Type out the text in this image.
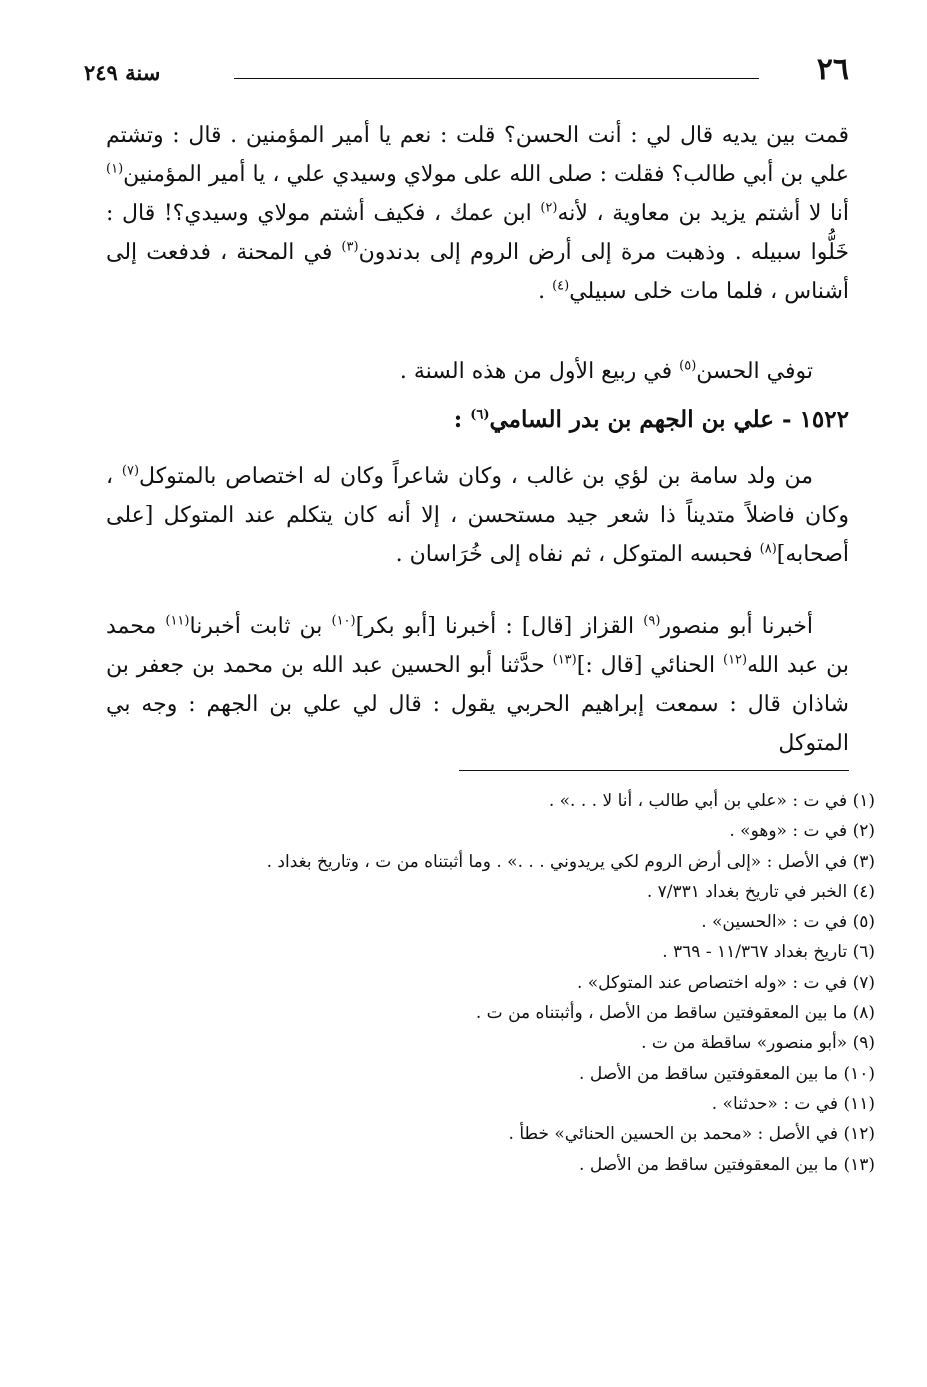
٢٦
سنة ٢٤٩

قمت بين يديه قال لي : أنت الحسن؟ قلت : نعم يا أمير المؤمنين . قال : وتشتم علي بن أبي طالب؟ فقلت : صلى الله على مولاي وسيدي علي ، يا أمير المؤمنين$^{(١)}$ أنا لا أشتم يزيد بن معاوية ، لأنه$^{(٢)}$ ابن عمك ، فكيف أشتم مولاي وسيدي؟! قال : خَلُّوا سبيله . وذهبت مرة إلى أرض الروم إلى بدندون$^{(٣)}$ في المحنة ، فدفعت إلى أشناس ، فلما مات خلى سبيلي$^{(٤)}$ .

توفي الحسن$^{(٥)}$ في ربيع الأول من هذه السنة .

١٥٢٢ - علي بن الجهم بن بدر السامي$^{(٦)}$ :

من ولد سامة بن لؤي بن غالب ، وكان شاعراً وكان له اختصاص بالمتوكل$^{(٧)}$ ، وكان فاضلاً متديناً ذا شعر جيد مستحسن ، إلا أنه كان يتكلم عند المتوكل [على أصحابه]$^{(٨)}$ فحبسه المتوكل ، ثم نفاه إلى خُرَاسان .

أخبرنا أبو منصور$^{(٩)}$ القزاز [قال] : أخبرنا [أبو بكر]$^{(١٠)}$ بن ثابت أخبرنا$^{(١١)}$ محمد بن عبد الله$^{(١٢)}$ الحنائي [قال :]$^{(١٣)}$ حدَّثنا أبو الحسين عبد الله بن محمد بن جعفر بن شاذان قال : سمعت إبراهيم الحربي يقول : قال لي علي بن الجهم : وجه بي المتوكل

(١) في ت : «علي بن أبي طالب ، أنا لا . . .» .

(٢) في ت : «وهو» .

(٣) في الأصل : «إلى أرض الروم لكي يريدوني . . .» . وما أثبتناه من ت ، وتاريخ بغداد .

(٤) الخبر في تاريخ بغداد ٧/٣٣١ .

(٥) في ت : «الحسين» .

(٦) تاريخ بغداد ١١/٣٦٧ - ٣٦٩ .

(٧) في ت : «وله اختصاص عند المتوكل» .

(٨) ما بين المعقوفتين ساقط من الأصل ، وأثبتناه من ت .

(٩) «أبو منصور» ساقطة من ت .

(١٠) ما بين المعقوفتين ساقط من الأصل .

(١١) في ت : «حدثنا» .

(١٢) في الأصل : «محمد بن الحسين الحنائي» خطأ .

(١٣) ما بين المعقوفتين ساقط من الأصل .
